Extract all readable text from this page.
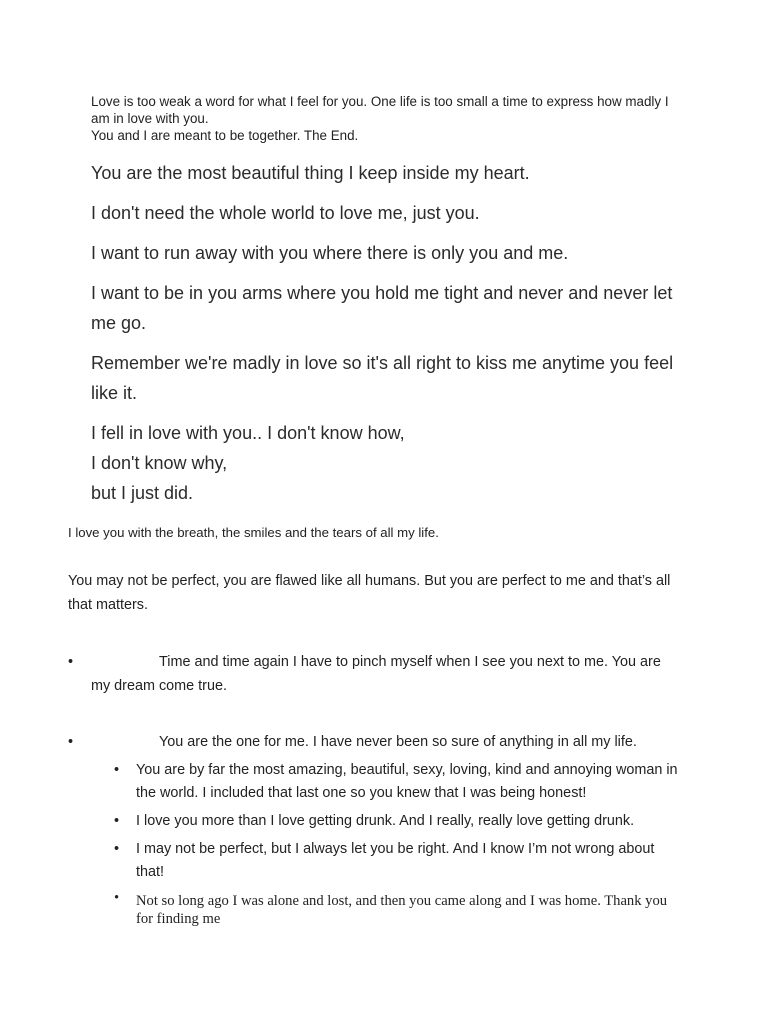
Love is too weak a word for what I feel for you. One life is too small a time to express how madly I am in love with you.

You and I are meant to be together. The End.

You are the most beautiful thing I keep inside my heart.

I don't need the whole world to love me, just you.

I want to run away with you where there is only you and me.

I want to be in you arms where you hold me tight and never and never let me go.

Remember we're madly in love so it's all right to kiss me anytime you feel like it.

I fell in love with you.. I don't know how,

I don't know why,

but I just did.

I love you with the breath, the smiles and the tears of all my life.
You may not be perfect, you are flawed like all humans. But you are perfect to me and that’s all that matters.
•	Time and time again I have to pinch myself when I see you next to me. You are my dream come true.
•	You are the one for me. I have never been so sure of anything in all my life.
• You are by far the most amazing, beautiful, sexy, loving, kind and annoying woman in the world. I included that last one so you knew that I was being honest!
• I love you more than I love getting drunk. And I really, really love getting drunk.
• I may not be perfect, but I always let you be right. And I know I’m not wrong about that!
• Not so long ago I was alone and lost, and then you came along and I was home. Thank you for finding me
